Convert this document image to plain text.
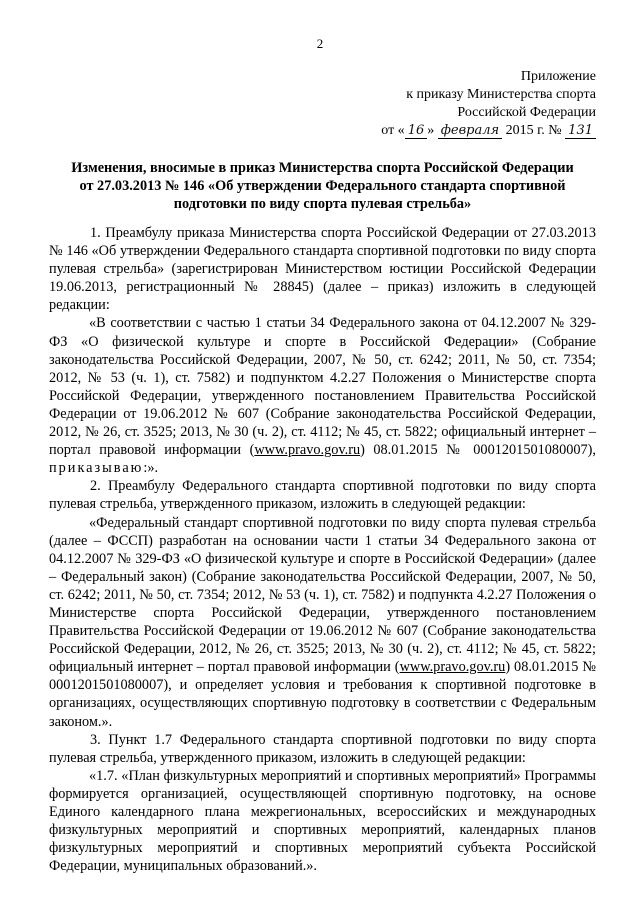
2
Приложение
к приказу Министерства спорта
Российской Федерации
от « 16 » февраля 2015 г. № 131
Изменения, вносимые в приказ Министерства спорта Российской Федерации
от 27.03.2013 № 146 «Об утверждении Федерального стандарта спортивной
подготовки по виду спорта пулевая стрельба»

1. Преамбулу приказа Министерства спорта Российской Федерации от 27.03.2013 № 146 «Об утверждении Федерального стандарта спортивной подготовки по виду спорта пулевая стрельба» (зарегистрирован Министерством юстиции Российской Федерации 19.06.2013, регистрационный № 28845) (далее – приказ) изложить в следующей редакции:

«В соответствии с частью 1 статьи 34 Федерального закона от 04.12.2007 № 329-ФЗ «О физической культуре и спорте в Российской Федерации» (Собрание законодательства Российской Федерации, 2007, № 50, ст. 6242; 2011, № 50, ст. 7354; 2012, № 53 (ч. 1), ст. 7582) и подпунктом 4.2.27 Положения о Министерстве спорта Российской Федерации, утвержденного постановлением Правительства Российской Федерации от 19.06.2012 № 607 (Собрание законодательства Российской Федерации, 2012, № 26, ст. 3525; 2013, № 30 (ч. 2), ст. 4112; № 45, ст. 5822; официальный интернет – портал правовой информации (www.pravo.gov.ru) 08.01.2015 № 0001201501080007), приказываю:».

2. Преамбулу Федерального стандарта спортивной подготовки по виду спорта пулевая стрельба, утвержденного приказом, изложить в следующей редакции:

«Федеральный стандарт спортивной подготовки по виду спорта пулевая стрельба (далее – ФССП) разработан на основании части 1 статьи 34 Федерального закона от 04.12.2007 № 329-ФЗ «О физической культуре и спорте в Российской Федерации» (далее – Федеральный закон) (Собрание законодательства Российской Федерации, 2007, № 50, ст. 6242; 2011, № 50, ст. 7354; 2012, № 53 (ч. 1), ст. 7582) и подпункта 4.2.27 Положения о Министерстве спорта Российской Федерации, утвержденного постановлением Правительства Российской Федерации от 19.06.2012 № 607 (Собрание законодательства Российской Федерации, 2012, № 26, ст. 3525; 2013, № 30 (ч. 2), ст. 4112; № 45, ст. 5822; официальный интернет – портал правовой информации (www.pravo.gov.ru) 08.01.2015 № 0001201501080007), и определяет условия и требования к спортивной подготовке в организациях, осуществляющих спортивную подготовку в соответствии с Федеральным законом.».

3. Пункт 1.7 Федерального стандарта спортивной подготовки по виду спорта пулевая стрельба, утвержденного приказом, изложить в следующей редакции:

«1.7. «План физкультурных мероприятий и спортивных мероприятий» Программы формируется организацией, осуществляющей спортивную подготовку, на основе Единого календарного плана межрегиональных, всероссийских и международных физкультурных мероприятий и спортивных мероприятий, календарных планов физкультурных мероприятий и спортивных мероприятий субъекта Российской Федерации, муниципальных образований.».
